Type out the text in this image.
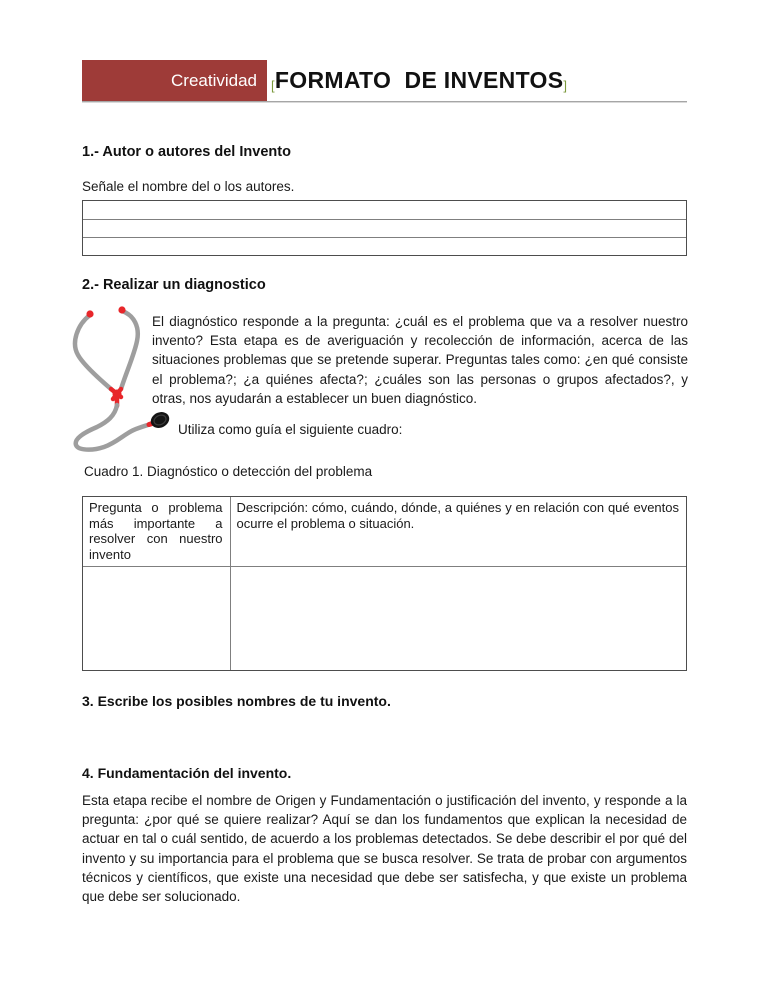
Creatividad [FORMATO  DE INVENTOS]
1.- Autor o autores del Invento
Señale el nombre del o los autores.
2.- Realizar un diagnostico
El diagnóstico responde a la pregunta: ¿cuál es el problema que va a resolver nuestro invento? Esta etapa es de averiguación y recolección de información, acerca de las situaciones problemas que se pretende superar. Preguntas tales como: ¿en qué consiste el problema?; ¿a quiénes afecta?; ¿cuáles son las personas o grupos afectados?, y otras, nos ayudarán a establecer un buen diagnóstico.
Utiliza como guía el siguiente cuadro:
Cuadro 1. Diagnóstico o detección del problema
Pregunta o problema más importante a resolver con nuestro invento
Descripción: cómo, cuándo, dónde, a quiénes y en relación con qué eventos ocurre el problema o situación.
3. Escribe los posibles nombres de tu invento.
4. Fundamentación del invento.
Esta etapa recibe el nombre de Origen y Fundamentación o justificación del invento, y responde a la pregunta: ¿por qué se quiere realizar? Aquí se dan los fundamentos que explican la necesidad de actuar en tal o cuál sentido, de acuerdo a los problemas detectados. Se debe describir el por qué del invento y su importancia para el problema que se busca resolver. Se trata de probar con argumentos técnicos y científicos, que existe una necesidad que debe ser satisfecha, y que existe un problema que debe ser solucionado.
